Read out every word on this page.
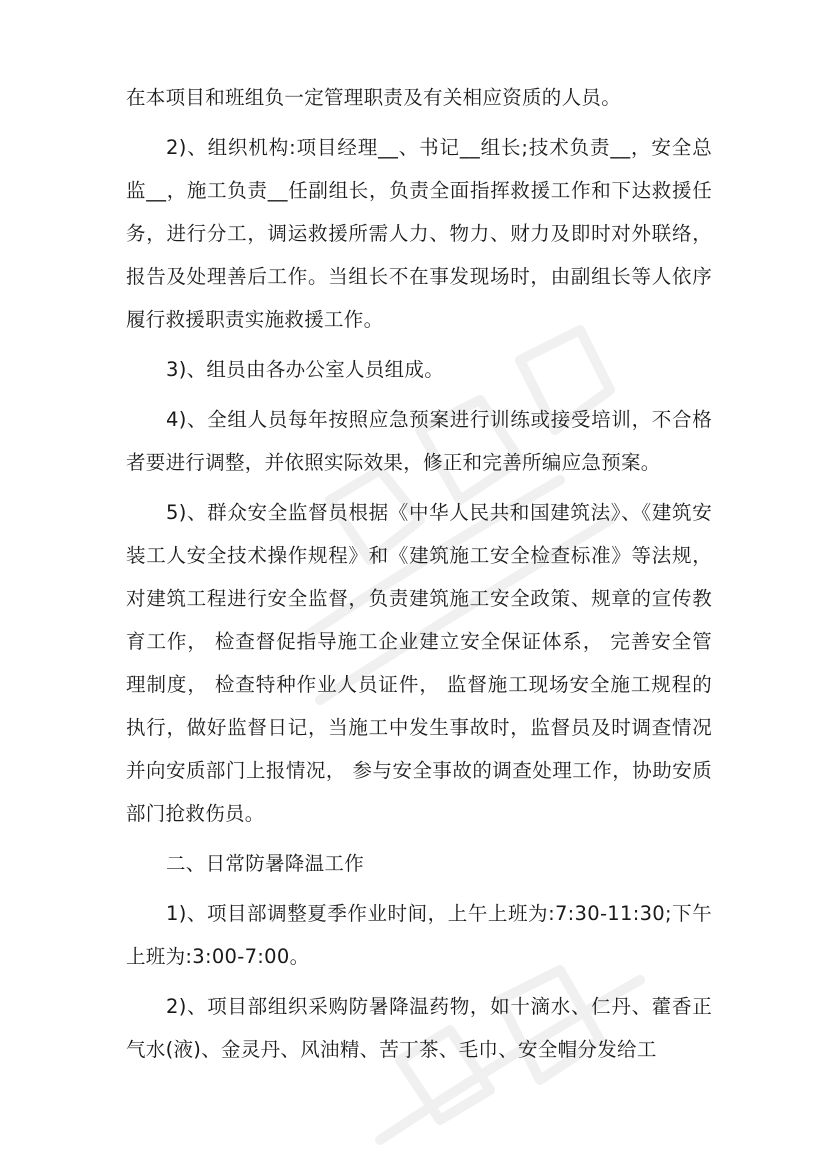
在本项目和班组负一定管理职责及有关相应资质的人员。

2)、组织机构:项目经理__、书记__组长;技术负责__，安全总监__，施工负责__任副组长，负责全面指挥救援工作和下达救援任务，进行分工，调运救援所需人力、物力、财力及即时对外联络，报告及处理善后工作。当组长不在事发现场时，由副组长等人依序履行救援职责实施救援工作。

3)、组员由各办公室人员组成。

4)、全组人员每年按照应急预案进行训练或接受培训，不合格者要进行调整，并依照实际效果，修正和完善所编应急预案。

5)、群众安全监督员根据《中华人民共和国建筑法》、《建筑安装工人安全技术操作规程》和《建筑施工安全检查标准》等法规，对建筑工程进行安全监督，负责建筑施工安全政策、规章的宣传教育工作， 检查督促指导施工企业建立安全保证体系， 完善安全管理制度， 检查特种作业人员证件， 监督施工现场安全施工规程的执行，做好监督日记，当施工中发生事故时，监督员及时调查情况并向安质部门上报情况， 参与安全事故的调查处理工作，协助安质部门抢救伤员。

二、日常防暑降温工作

1)、项目部调整夏季作业时间，上午上班为:7:30-11:30;下午上班为:3:00-7:00。

2)、项目部组织采购防暑降温药物，如十滴水、仁丹、藿香正气水(液)、金灵丹、风油精、苦丁茶、毛巾、安全帽分发给工
